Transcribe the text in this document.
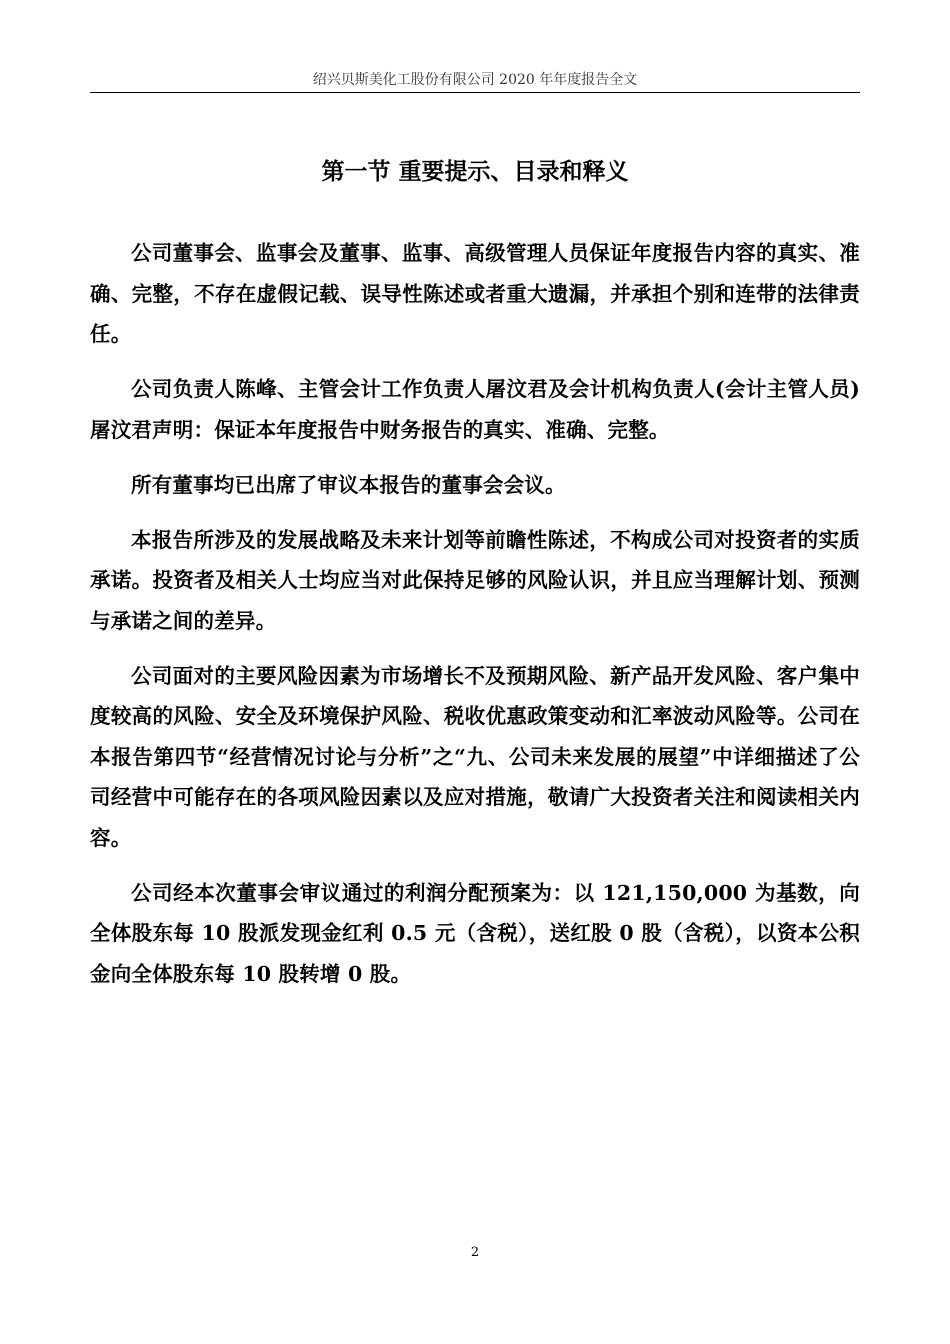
绍兴贝斯美化工股份有限公司 2020 年年度报告全文
第一节 重要提示、目录和释义

公司董事会、监事会及董事、监事、高级管理人员保证年度报告内容的真实、准确、完整，不存在虚假记载、误导性陈述或者重大遗漏，并承担个别和连带的法律责任。

公司负责人陈峰、主管会计工作负责人屠汶君及会计机构负责人(会计主管人员)屠汶君声明：保证本年度报告中财务报告的真实、准确、完整。

所有董事均已出席了审议本报告的董事会会议。

本报告所涉及的发展战略及未来计划等前瞻性陈述，不构成公司对投资者的实质承诺。投资者及相关人士均应当对此保持足够的风险认识，并且应当理解计划、预测与承诺之间的差异。

公司面对的主要风险因素为市场增长不及预期风险、新产品开发风险、客户集中度较高的风险、安全及环境保护风险、税收优惠政策变动和汇率波动风险等。公司在本报告第四节“经营情况讨论与分析”之“九、公司未来发展的展望”中详细描述了公司经营中可能存在的各项风险因素以及应对措施，敬请广大投资者关注和阅读相关内容。

公司经本次董事会审议通过的利润分配预案为：以 121,150,000 为基数，向全体股东每 10 股派发现金红利 0.5 元（含税），送红股 0 股（含税），以资本公积金向全体股东每 10 股转增 0 股。

2
